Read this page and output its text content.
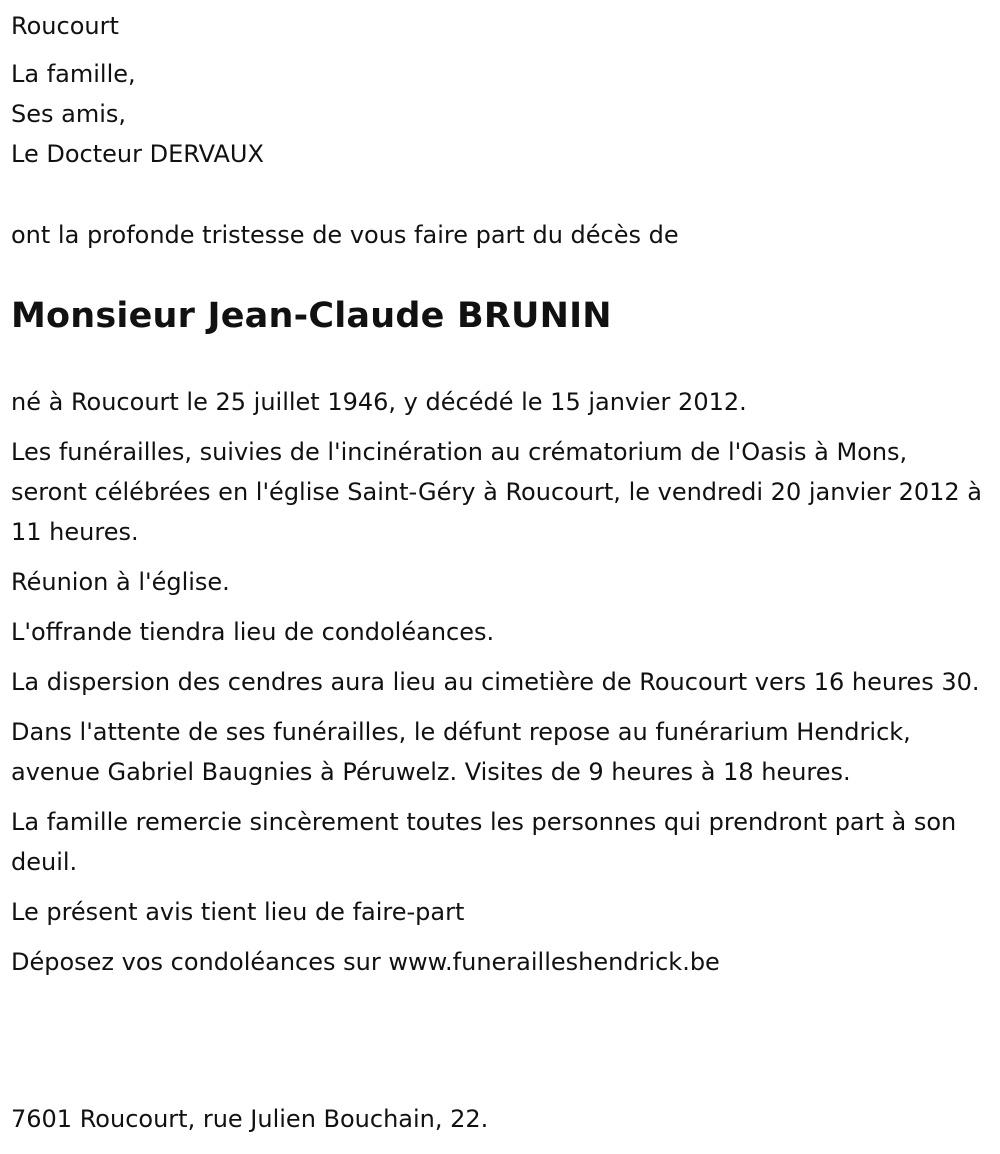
Roucourt

La famille,

Ses amis,

Le Docteur DERVAUX

ont la profonde tristesse de vous faire part du décès de

Monsieur Jean-Claude BRUNIN

né à Roucourt le 25 juillet 1946, y décédé le 15 janvier 2012.

Les funérailles, suivies de l'incinération au crématorium de l'Oasis à Mons, seront célébrées en l'église Saint-Géry à Roucourt, le vendredi 20 janvier 2012 à 11 heures.

Réunion à l'église.

L'offrande tiendra lieu de condoléances.

La dispersion des cendres aura lieu au cimetière de Roucourt vers 16 heures 30.

Dans l'attente de ses funérailles, le défunt repose au funérarium Hendrick, avenue Gabriel Baugnies à Péruwelz. Visites de 9 heures à 18 heures.

La famille remercie sincèrement toutes les personnes qui prendront part à son deuil.

Le présent avis tient lieu de faire-part

Déposez vos condoléances sur www.funerailleshendrick.be

7601 Roucourt, rue Julien Bouchain, 22.
